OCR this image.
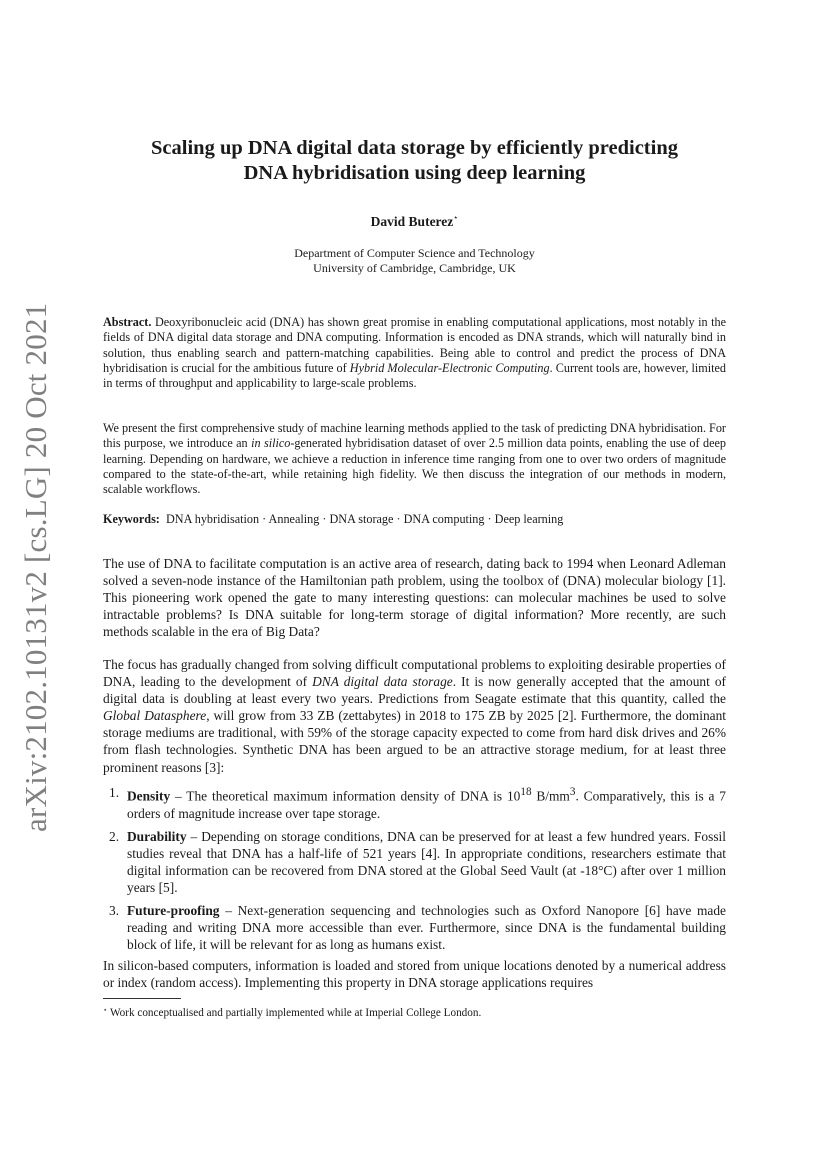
arXiv:2102.10131v2 [cs.LG] 20 Oct 2021
Scaling up DNA digital data storage by efficiently predicting
DNA hybridisation using deep learning
David Buterez⋆
Department of Computer Science and Technology
University of Cambridge, Cambridge, UK
Abstract. Deoxyribonucleic acid (DNA) has shown great promise in enabling computational applications, most notably in the fields of DNA digital data storage and DNA computing. Information is encoded as DNA strands, which will naturally bind in solution, thus enabling search and pattern-matching capabilities. Being able to control and predict the process of DNA hybridisation is crucial for the ambitious future of Hybrid Molecular-Electronic Computing. Current tools are, however, limited in terms of throughput and applicability to large-scale problems.
We present the first comprehensive study of machine learning methods applied to the task of predicting DNA hybridisation. For this purpose, we introduce an in silico-generated hybridisation dataset of over 2.5 million data points, enabling the use of deep learning. Depending on hardware, we achieve a reduction in inference time ranging from one to over two orders of magnitude compared to the state-of-the-art, while retaining high fidelity. We then discuss the integration of our methods in modern, scalable workflows.
Keywords: DNA hybridisation · Annealing · DNA storage · DNA computing · Deep learning
The use of DNA to facilitate computation is an active area of research, dating back to 1994 when Leonard Adleman solved a seven-node instance of the Hamiltonian path problem, using the toolbox of (DNA) molecular biology [1]. This pioneering work opened the gate to many interesting questions: can molecular machines be used to solve intractable problems? Is DNA suitable for long-term storage of digital information? More recently, are such methods scalable in the era of Big Data?
The focus has gradually changed from solving difficult computational problems to exploiting desirable properties of DNA, leading to the development of DNA digital data storage. It is now generally accepted that the amount of digital data is doubling at least every two years. Predictions from Seagate estimate that this quantity, called the Global Datasphere, will grow from 33 ZB (zettabytes) in 2018 to 175 ZB by 2025 [2]. Furthermore, the dominant storage mediums are traditional, with 59% of the storage capacity expected to come from hard disk drives and 26% from flash technologies. Synthetic DNA has been argued to be an attractive storage medium, for at least three prominent reasons [3]:
1. Density – The theoretical maximum information density of DNA is $10^{18}$ $B/mm^3$. Comparatively, this is a 7 orders of magnitude increase over tape storage.
2. Durability – Depending on storage conditions, DNA can be preserved for at least a few hundred years. Fossil studies reveal that DNA has a half-life of 521 years [4]. In appropriate conditions, researchers estimate that digital information can be recovered from DNA stored at the Global Seed Vault (at -18°C) after over 1 million years [5].
3. Future-proofing – Next-generation sequencing and technologies such as Oxford Nanopore [6] have made reading and writing DNA more accessible than ever. Furthermore, since DNA is the fundamental building block of life, it will be relevant for as long as humans exist.
In silicon-based computers, information is loaded and stored from unique locations denoted by a numerical address or index (random access). Implementing this property in DNA storage applications requires
⋆ Work conceptualised and partially implemented while at Imperial College London.
